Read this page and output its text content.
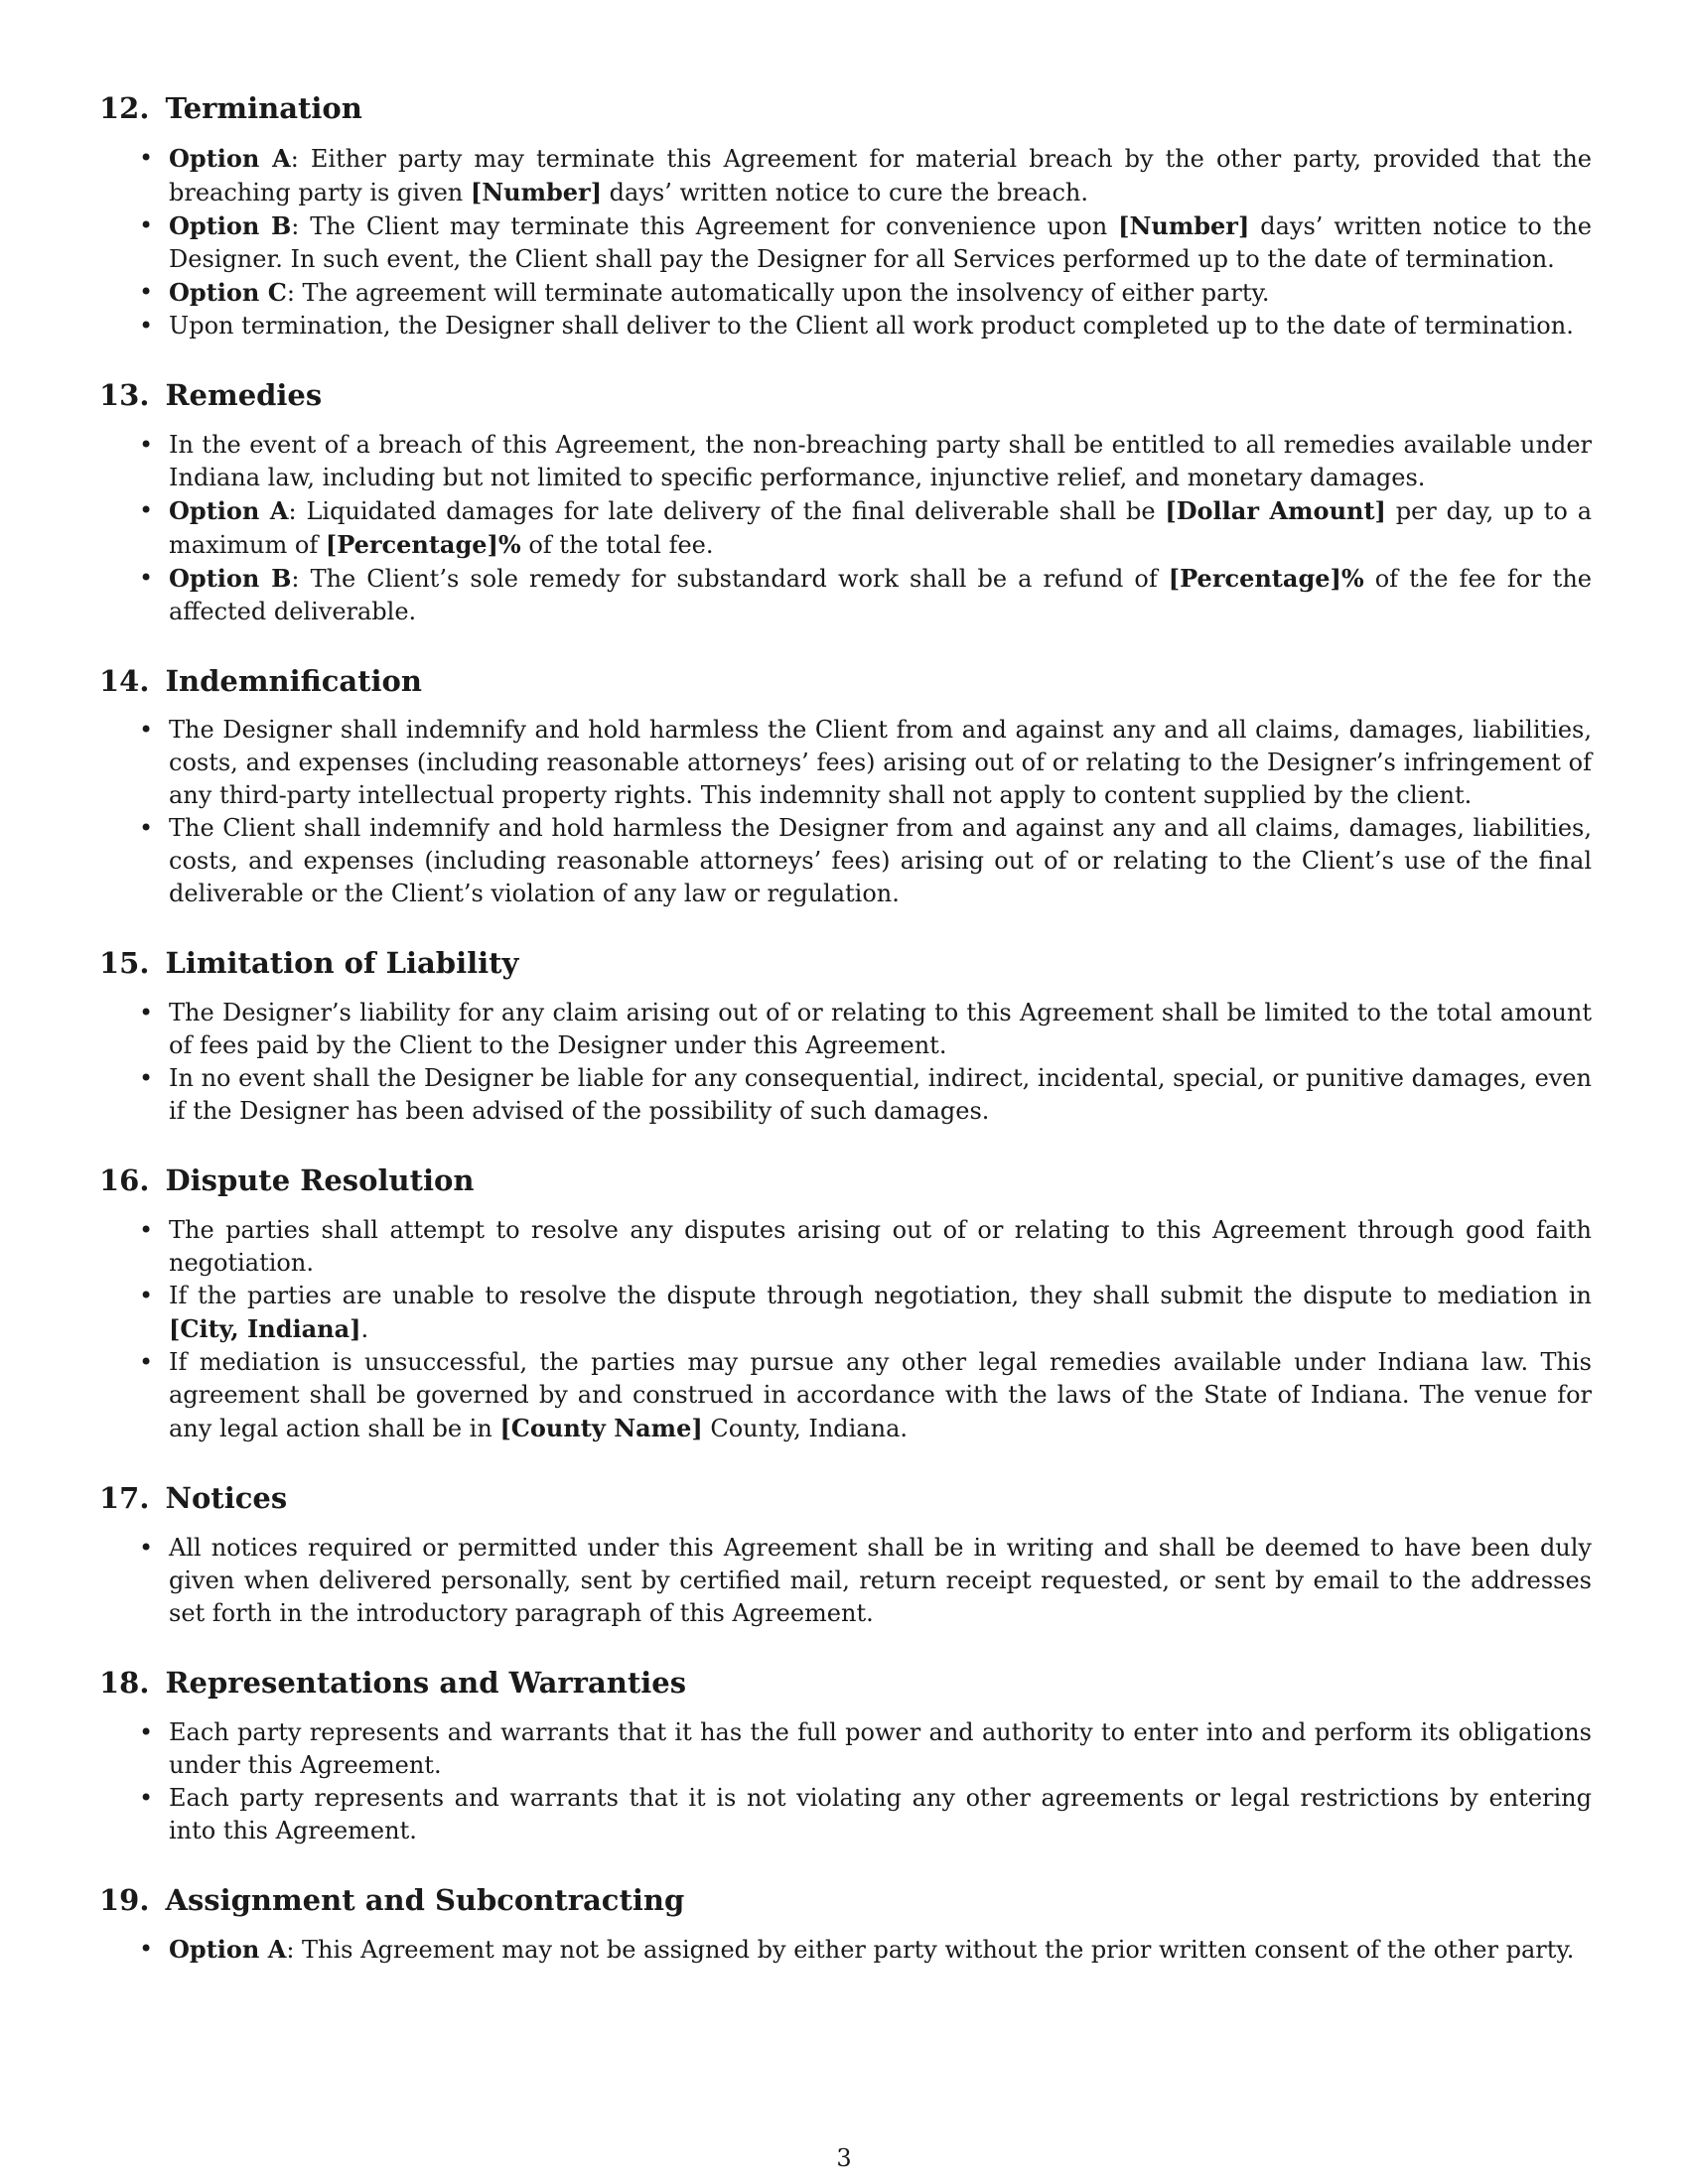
12. Termination
• Option A: Either party may terminate this Agreement for material breach by the other party, provided that the breaching party is given [Number] days’ written notice to cure the breach.
• Option B: The Client may terminate this Agreement for convenience upon [Number] days’ written notice to the Designer. In such event, the Client shall pay the Designer for all Services performed up to the date of termination.
• Option C: The agreement will terminate automatically upon the insolvency of either party.
• Upon termination, the Designer shall deliver to the Client all work product completed up to the date of termination.
13. Remedies
• In the event of a breach of this Agreement, the non-breaching party shall be entitled to all remedies available under Indiana law, including but not limited to specific performance, injunctive relief, and monetary damages.
• Option A: Liquidated damages for late delivery of the final deliverable shall be [Dollar Amount] per day, up to a maximum of [Percentage]% of the total fee.
• Option B: The Client’s sole remedy for substandard work shall be a refund of [Percentage]% of the fee for the affected deliverable.
14. Indemnification
• The Designer shall indemnify and hold harmless the Client from and against any and all claims, damages, liabilities, costs, and expenses (including reasonable attorneys’ fees) arising out of or relating to the Designer’s infringement of any third-party intellectual property rights. This indemnity shall not apply to content supplied by the client.
• The Client shall indemnify and hold harmless the Designer from and against any and all claims, damages, liabilities, costs, and expenses (including reasonable attorneys’ fees) arising out of or relating to the Client’s use of the final deliverable or the Client’s violation of any law or regulation.
15. Limitation of Liability
• The Designer’s liability for any claim arising out of or relating to this Agreement shall be limited to the total amount of fees paid by the Client to the Designer under this Agreement.
• In no event shall the Designer be liable for any consequential, indirect, incidental, special, or punitive damages, even if the Designer has been advised of the possibility of such damages.
16. Dispute Resolution
• The parties shall attempt to resolve any disputes arising out of or relating to this Agreement through good faith negotiation.
• If the parties are unable to resolve the dispute through negotiation, they shall submit the dispute to mediation in [City, Indiana].
• If mediation is unsuccessful, the parties may pursue any other legal remedies available under Indiana law. This agreement shall be governed by and construed in accordance with the laws of the State of Indiana. The venue for any legal action shall be in [County Name] County, Indiana.
17. Notices
• All notices required or permitted under this Agreement shall be in writing and shall be deemed to have been duly given when delivered personally, sent by certified mail, return receipt requested, or sent by email to the addresses set forth in the introductory paragraph of this Agreement.
18. Representations and Warranties
• Each party represents and warrants that it has the full power and authority to enter into and perform its obligations under this Agreement.
• Each party represents and warrants that it is not violating any other agreements or legal restrictions by entering into this Agreement.
19. Assignment and Subcontracting
• Option A: This Agreement may not be assigned by either party without the prior written consent of the other party.
3
